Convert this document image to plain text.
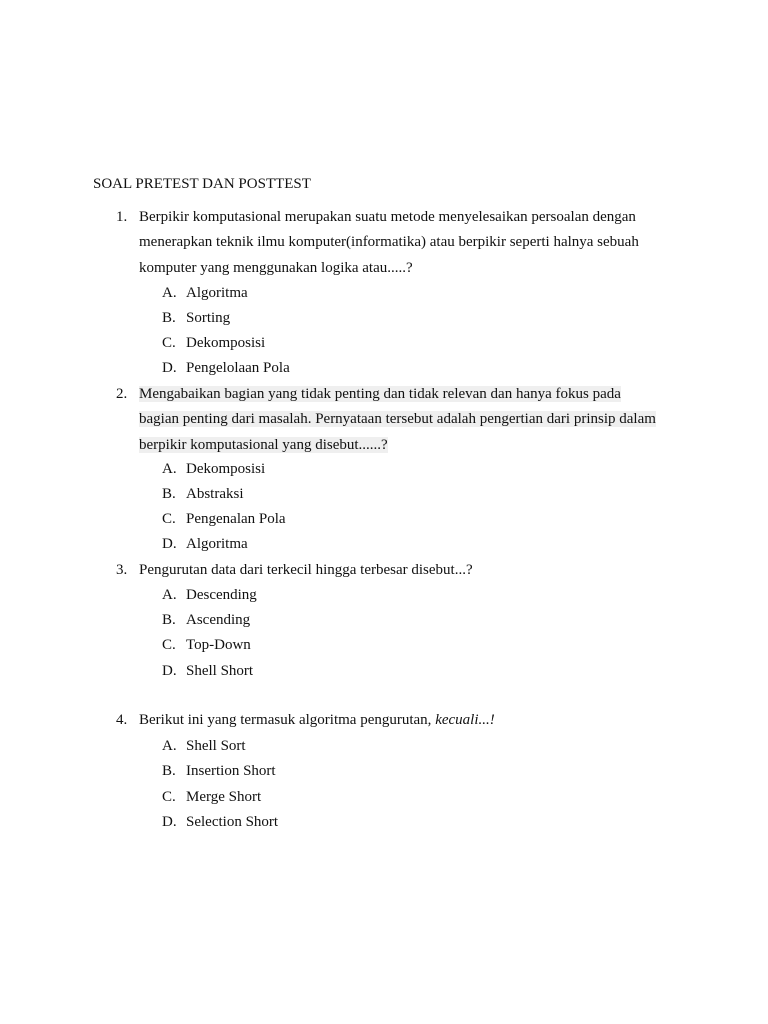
SOAL PRETEST DAN POSTTEST
1. Berpikir komputasional merupakan suatu metode menyelesaikan persoalan dengan
menerapkan teknik ilmu komputer(informatika) atau berpikir seperti halnya sebuah
komputer yang menggunakan logika atau.....?
A. Algoritma
B. Sorting
C. Dekomposisi
D. Pengelolaan Pola
2. Mengabaikan bagian yang tidak penting dan tidak relevan dan hanya fokus pada
bagian penting dari masalah. Pernyataan tersebut adalah pengertian dari prinsip dalam
berpikir komputasional yang disebut......?
A. Dekomposisi
B. Abstraksi
C. Pengenalan Pola
D. Algoritma
3. Pengurutan data dari terkecil hingga terbesar disebut...?
A. Descending
B. Ascending
C. Top-Down
D. Shell Short
4. Berikut ini yang termasuk algoritma pengurutan, kecuali...!
A. Shell Sort
B. Insertion Short
C. Merge Short
D. Selection Short
